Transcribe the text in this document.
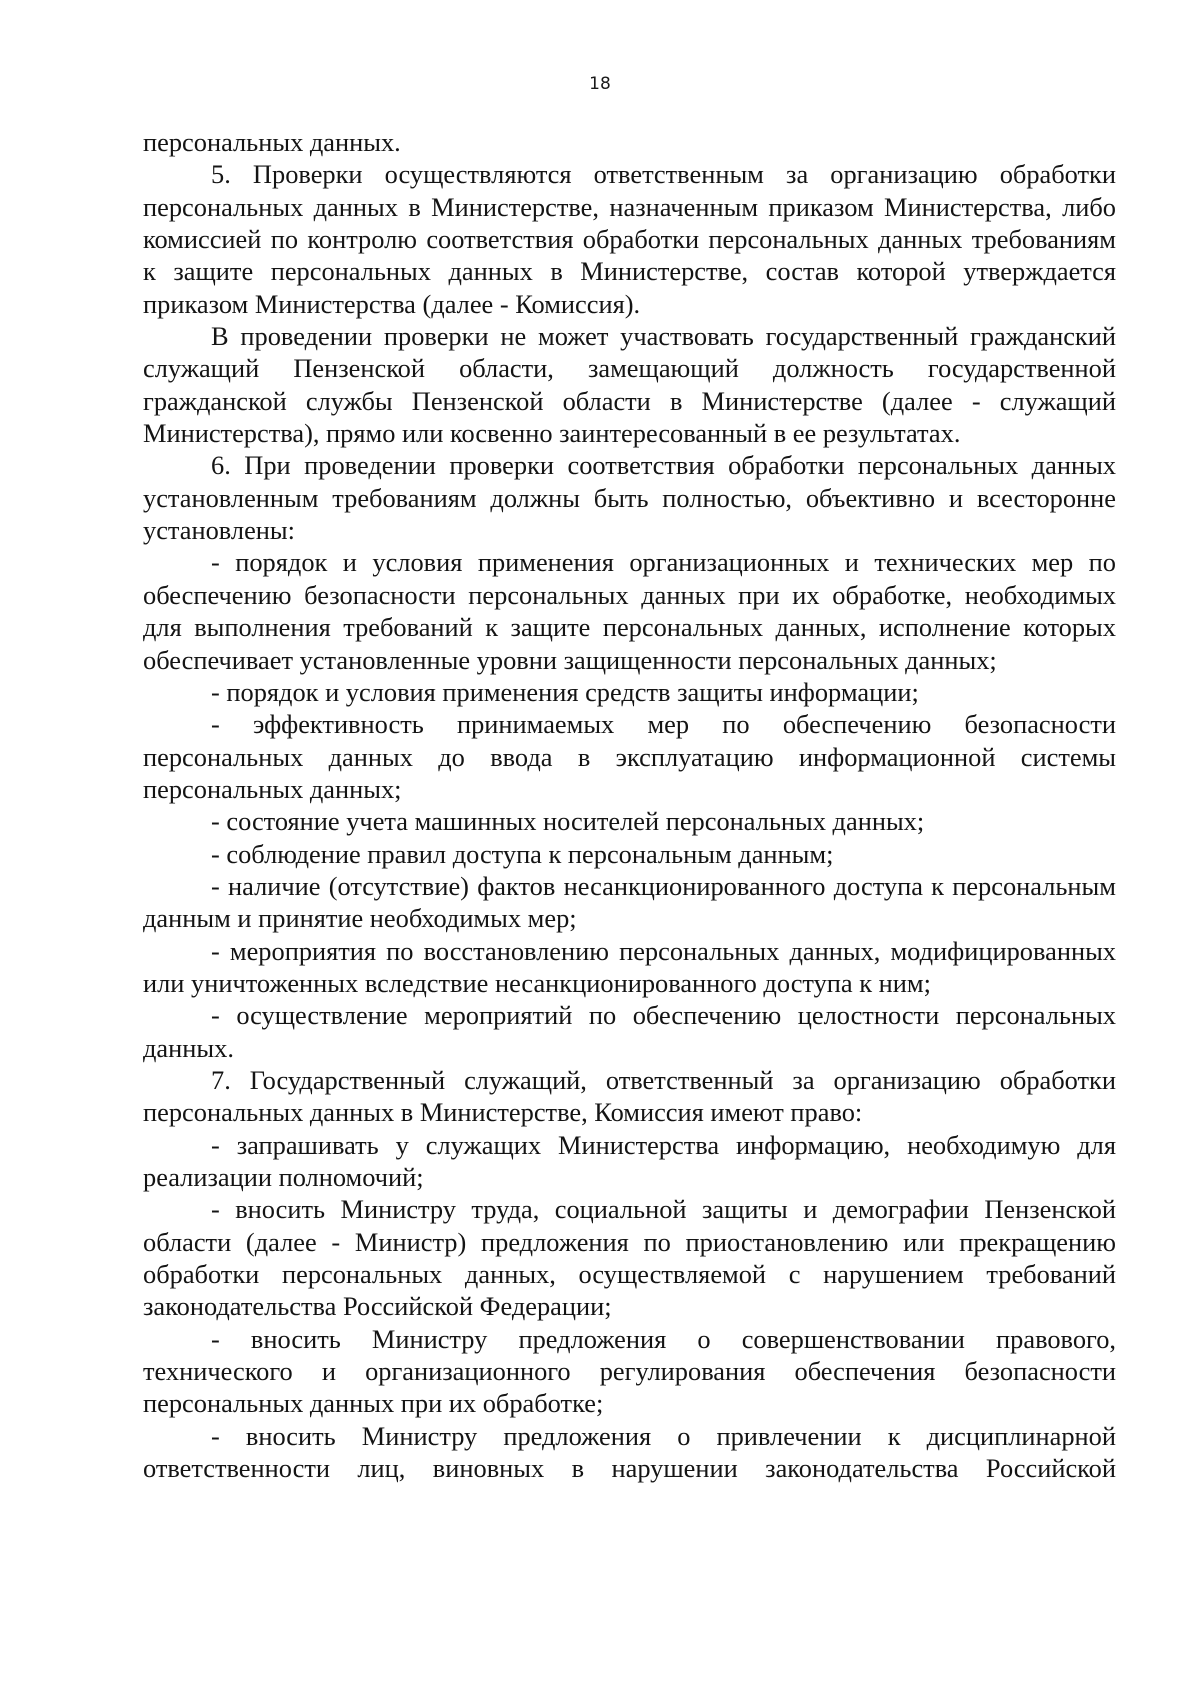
18

персональных данных.

5. Проверки осуществляются ответственным за организацию обработки персональных данных в Министерстве, назначенным приказом Министерства, либо комиссией по контролю соответствия обработки персональных данных требованиям к защите персональных данных в Министерстве, состав которой утверждается приказом Министерства (далее - Комиссия).

В проведении проверки не может участвовать государственный гражданский служащий Пензенской области, замещающий должность государственной гражданской службы Пензенской области в Министерстве (далее - служащий Министерства), прямо или косвенно заинтересованный в ее результатах.

6. При проведении проверки соответствия обработки персональных данных установленным требованиям должны быть полностью, объективно и всесторонне установлены:

- порядок и условия применения организационных и технических мер по обеспечению безопасности персональных данных при их обработке, необходимых для выполнения требований к защите персональных данных, исполнение которых обеспечивает установленные уровни защищенности персональных данных;

- порядок и условия применения средств защиты информации;

- эффективность принимаемых мер по обеспечению безопасности персональных данных до ввода в эксплуатацию информационной системы персональных данных;

- состояние учета машинных носителей персональных данных;

- соблюдение правил доступа к персональным данным;

- наличие (отсутствие) фактов несанкционированного доступа к персональным данным и принятие необходимых мер;

- мероприятия по восстановлению персональных данных, модифицированных или уничтоженных вследствие несанкционированного доступа к ним;

- осуществление мероприятий по обеспечению целостности персональных данных.

7. Государственный служащий, ответственный за организацию обработки персональных данных в Министерстве, Комиссия имеют право:

- запрашивать у служащих Министерства информацию, необходимую для реализации полномочий;

- вносить Министру труда, социальной защиты и демографии Пензенской области (далее - Министр) предложения по приостановлению или прекращению обработки персональных данных, осуществляемой с нарушением требований законодательства Российской Федерации;

- вносить Министру предложения о совершенствовании правового, технического и организационного регулирования обеспечения безопасности персональных данных при их обработке;

- вносить Министру предложения о привлечении к дисциплинарной ответственности лиц, виновных в нарушении законодательства Российской
